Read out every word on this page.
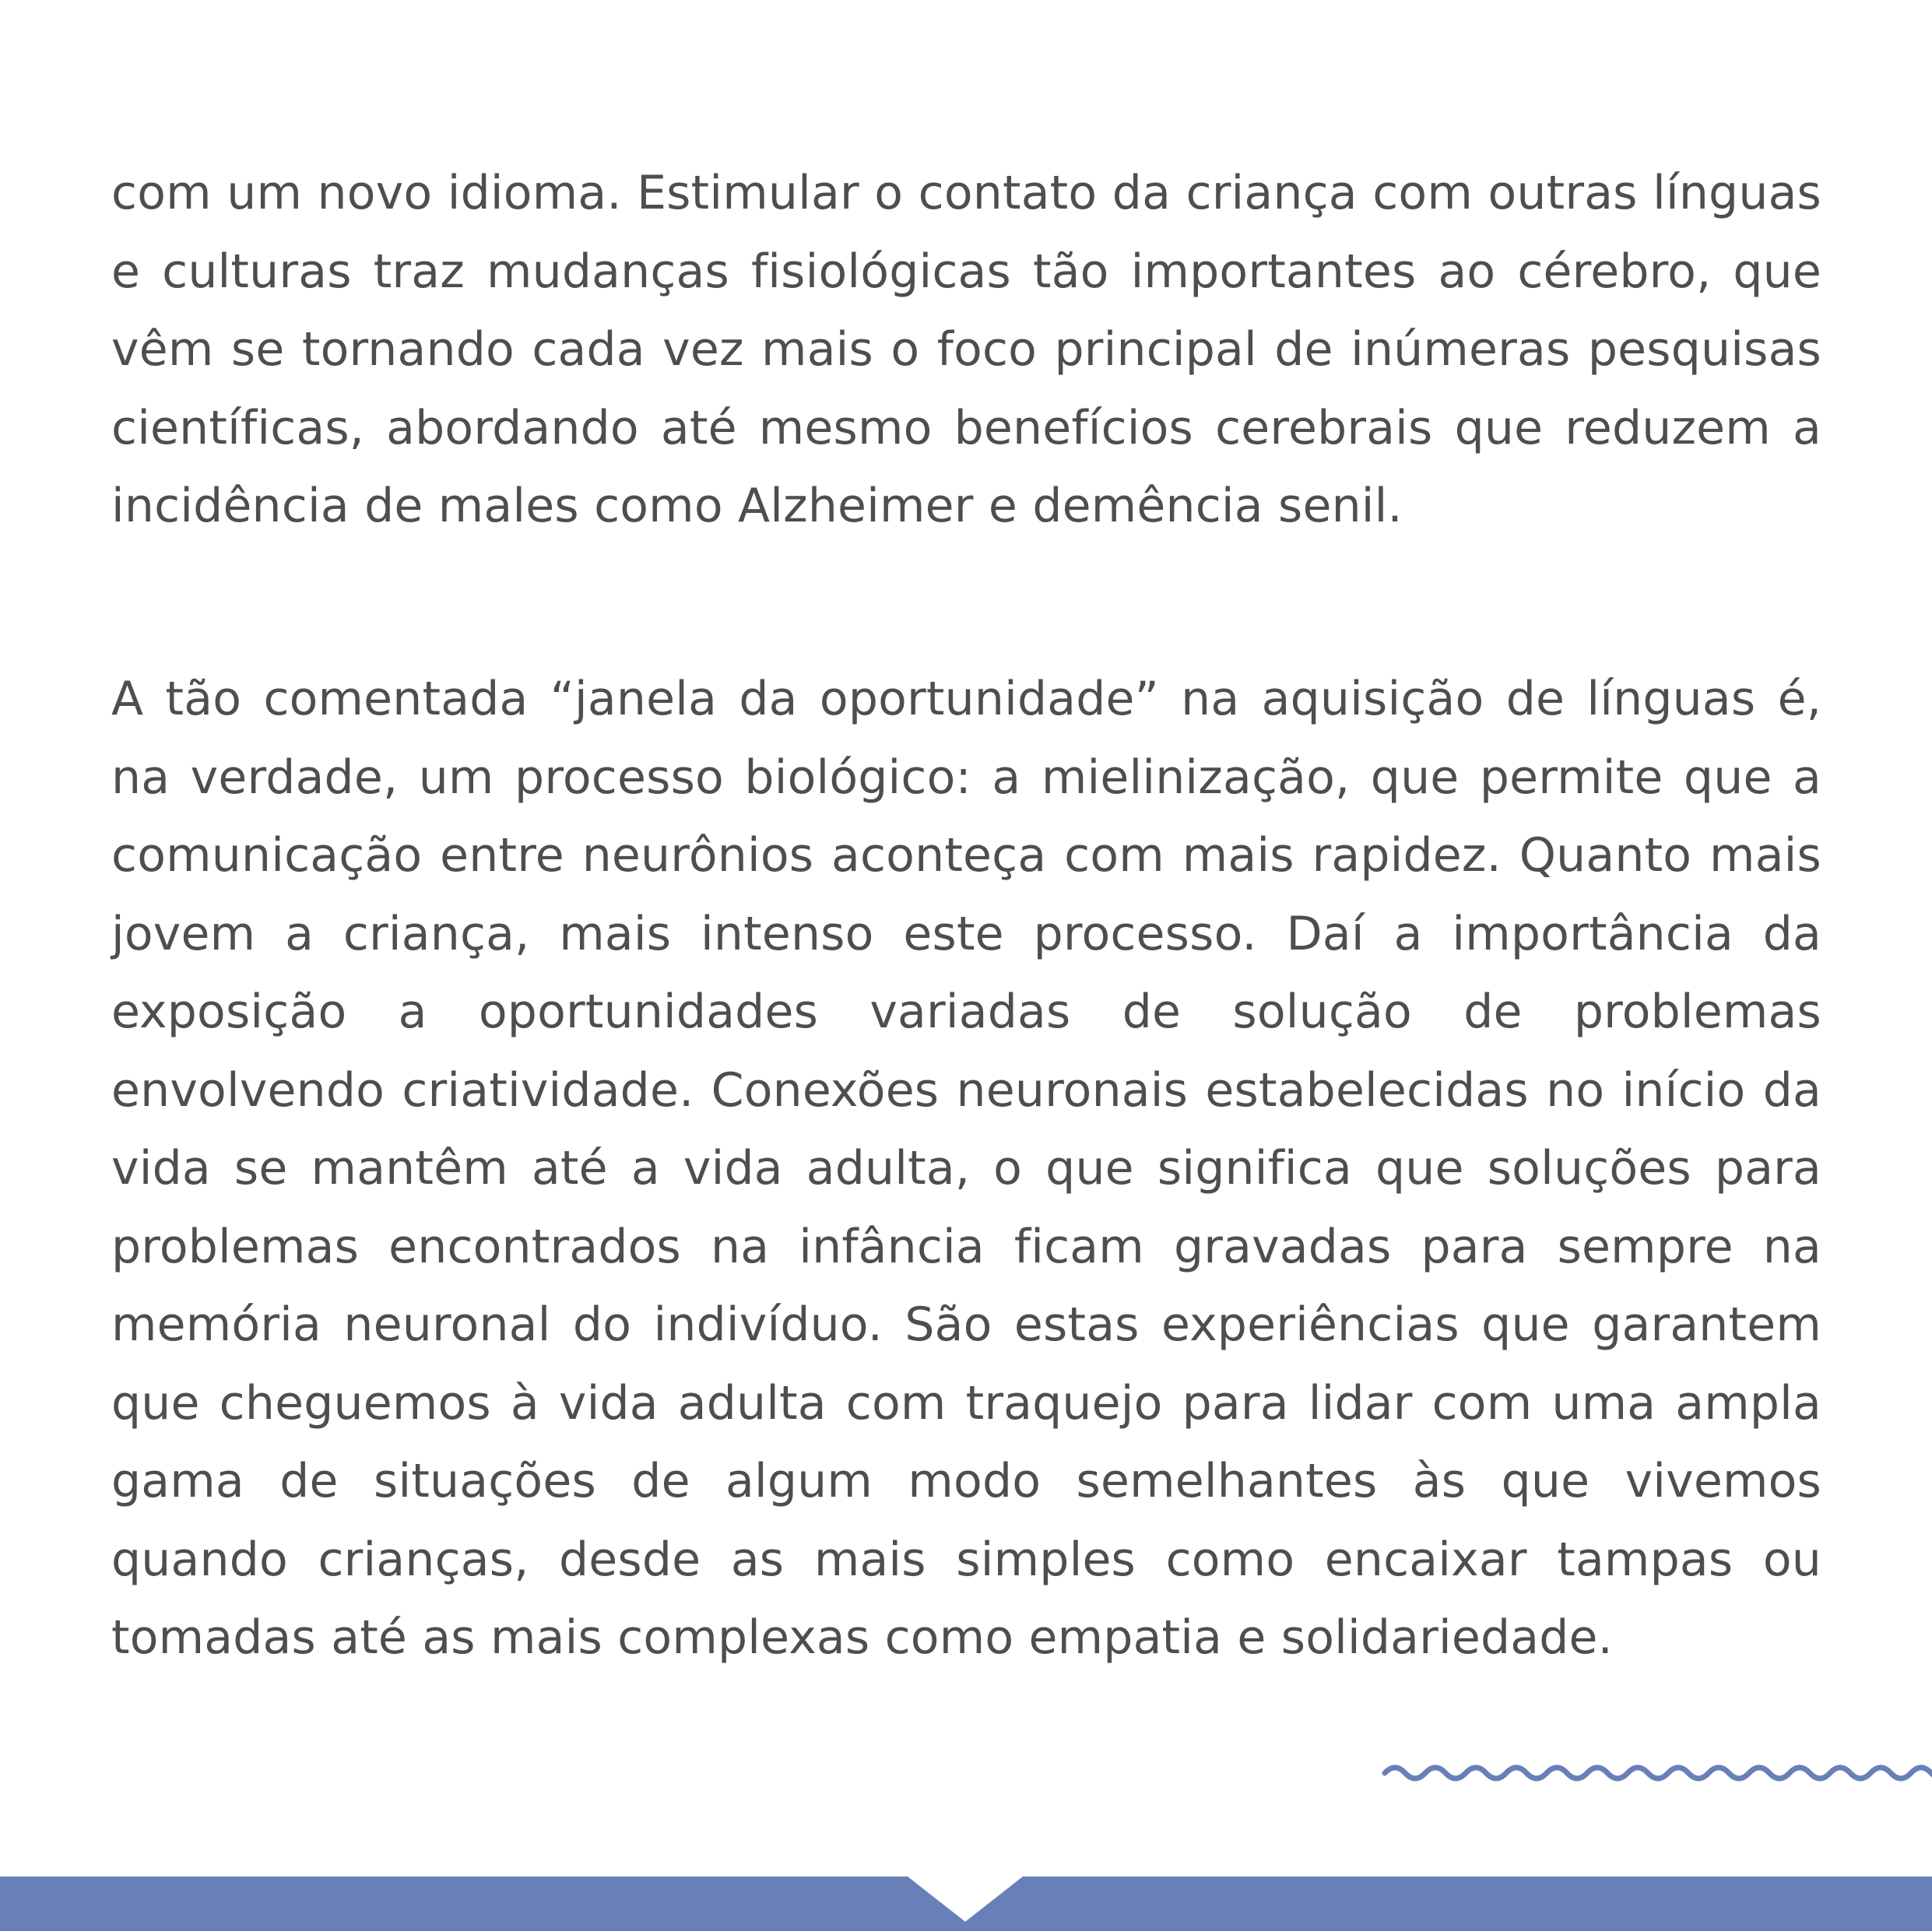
com um novo idioma. Estimular o contato da criança com outras línguas e culturas traz mudanças fisiológicas tão importantes ao cérebro, que vêm se tornando cada vez mais o foco principal de inúmeras pesquisas científicas, abordando até mesmo benefícios cerebrais que reduzem a incidência de males como Alzheimer e demência senil.

A tão comentada “janela da oportunidade” na aquisição de línguas é, na verdade, um processo biológico: a mielinização, que permite que a comunicação entre neurônios aconteça com mais rapidez. Quanto mais jovem a criança, mais intenso este processo. Daí a importância da exposição a oportunidades variadas de solução de problemas envolvendo criatividade. Conexões neuronais estabelecidas no início da vida se mantêm até a vida adulta, o que significa que soluções para problemas encontrados na infância ficam gravadas para sempre na memória neuronal do indivíduo. São estas experiências que garantem que cheguemos à vida adulta com traquejo para lidar com uma ampla gama de situações de algum modo semelhantes às que vivemos quando crianças, desde as mais simples como encaixar tampas ou tomadas até as mais complexas como empatia e solidariedade.
